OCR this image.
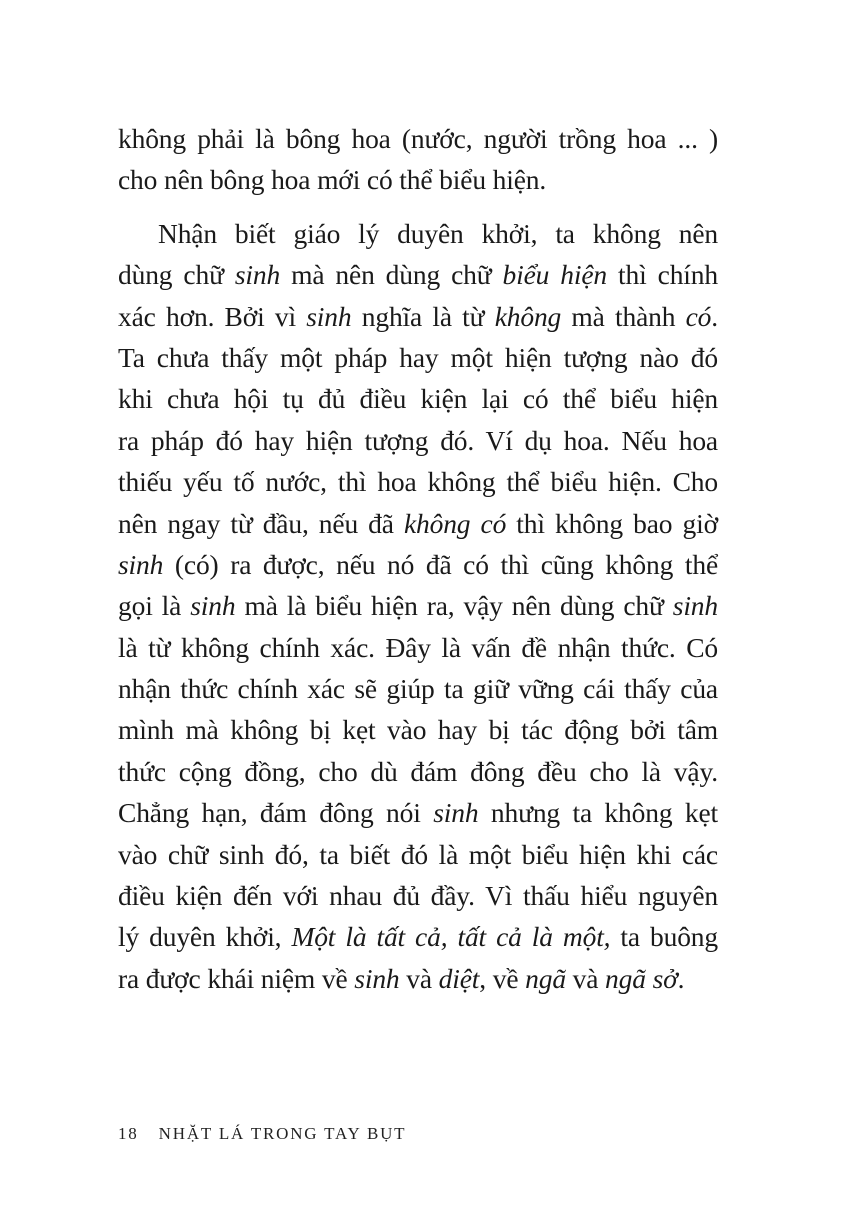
không phải là bông hoa (nước, người trồng hoa ... )
cho nên bông hoa mới có thể biểu hiện.
Nhận biết giáo lý duyên khởi, ta không nên
dùng chữ sinh mà nên dùng chữ biểu hiện thì chính
xác hơn. Bởi vì sinh nghĩa là từ không mà thành có.
Ta chưa thấy một pháp hay một hiện tượng nào đó
khi chưa hội tụ đủ điều kiện lại có thể biểu hiện
ra pháp đó hay hiện tượng đó. Ví dụ hoa. Nếu hoa
thiếu yếu tố nước, thì hoa không thể biểu hiện. Cho
nên ngay từ đầu, nếu đã không có thì không bao giờ
sinh (có) ra được, nếu nó đã có thì cũng không thể
gọi là sinh mà là biểu hiện ra, vậy nên dùng chữ sinh
là từ không chính xác. Đây là vấn đề nhận thức. Có
nhận thức chính xác sẽ giúp ta giữ vững cái thấy của
mình mà không bị kẹt vào hay bị tác động bởi tâm
thức cộng đồng, cho dù đám đông đều cho là vậy.
Chẳng hạn, đám đông nói sinh nhưng ta không kẹt
vào chữ sinh đó, ta biết đó là một biểu hiện khi các
điều kiện đến với nhau đủ đầy. Vì thấu hiểu nguyên
lý duyên khởi, Một là tất cả, tất cả là một, ta buông
ra được khái niệm về sinh và diệt, về ngã và ngã sở.
18 NHẶT LÁ TRONG TAY BỤT
